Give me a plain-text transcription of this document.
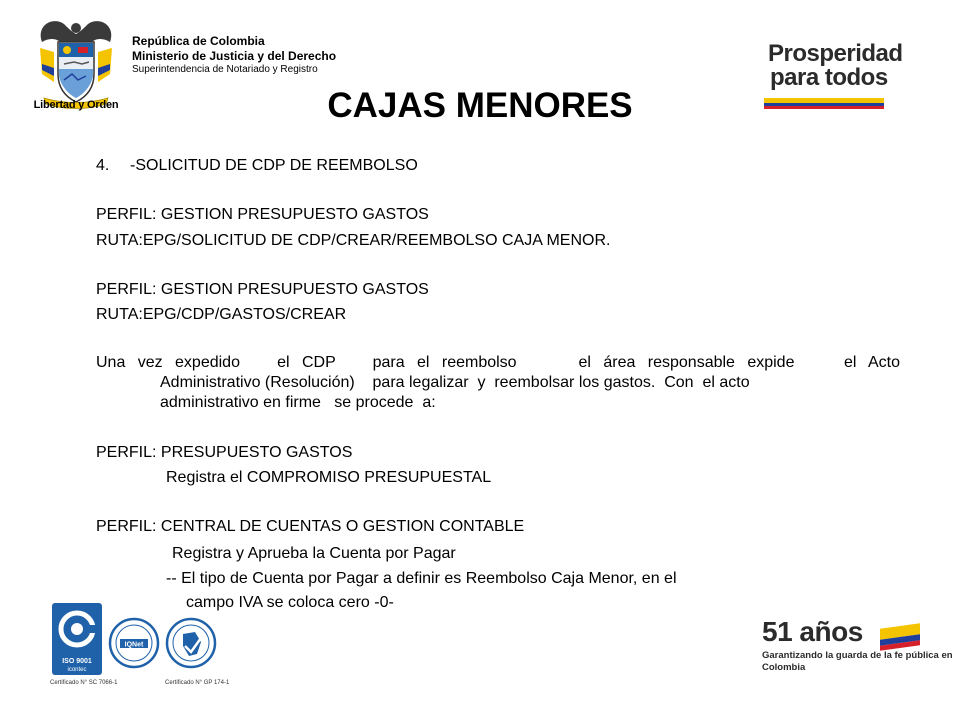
Libertad y Orden
República de Colombia
Ministerio de Justicia y del Derecho
Superintendencia de Notariado y Registro
Prosperidad
para todos
CAJAS MENORES
4. -SOLICITUD DE CDP DE REEMBOLSO
PERFIL: GESTION PRESUPUESTO GASTOS
RUTA:EPG/SOLICITUD DE CDP/CREAR/REEMBOLSO CAJA MENOR.
PERFIL: GESTION PRESUPUESTO GASTOS
RUTA:EPG/CDP/GASTOS/CREAR
Una vez expedido   el CDP   para el reembolso     el área responsable expide    el Acto
Administrativo (Resolución)    para legalizar  y  reembolsar los gastos.  Con  el acto
administrativo en firme   se procede  a:
PERFIL: PRESUPUESTO GASTOS
Registra el COMPROMISO PRESUPUESTAL
PERFIL: CENTRAL DE CUENTAS O GESTION CONTABLE
Registra y Aprueba la Cuenta por Pagar
-- El tipo de Cuenta por Pagar a definir es Reembolso Caja Menor, en el
campo IVA se coloca cero -0-
ISO 9001
icontec
Certificado N° SC 7066-1
IQNet
Certificado N° GP 174-1
51 años
Garantizando la guarda de la fe pública en
Colombia
